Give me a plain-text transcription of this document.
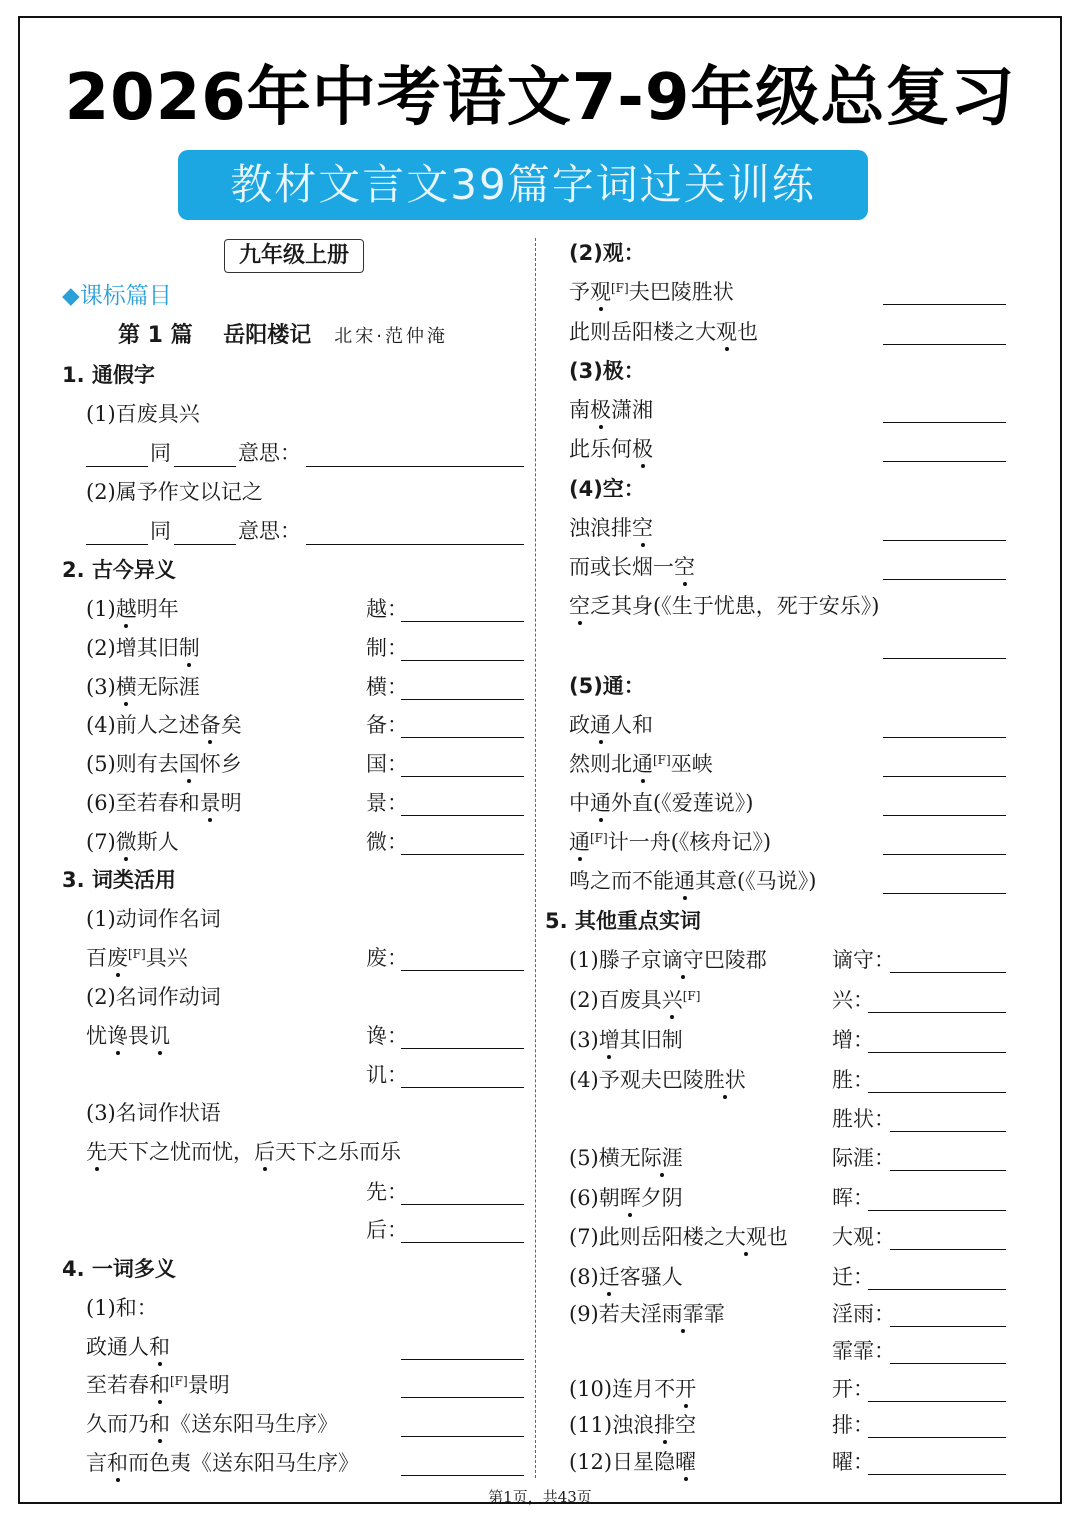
2026年中考语文7-9年级总复习
教材文言文39篇字词过关训练
九年级上册
◆课标篇目
第 1 篇 岳阳楼记 北宋·范仲淹
1. 通假字
(1)百废具兴
同	意思：
(2)属予作文以记之
同	意思：
2. 古今异义
(1)越明年	越：
(2)增其旧制	制：
(3)横无际涯	横：
(4)前人之述备矣	备：
(5)则有去国怀乡	国：
(6)至若春和景明	景：
(7)微斯人	微：
3. 词类活用
(1)动词作名词
百废[F]具兴	废：
(2)名词作动词
忧谗畏讥	谗：
讥：
(3)名词作状语
先天下之忧而忧，后天下之乐而乐
先：
后：
4. 一词多义
(1)和：
政通人和
至若春和[F]景明
久而乃和《送东阳马生序》
言和而色夷《送东阳马生序》
(2)观：
予观[F]夫巴陵胜状
此则岳阳楼之大观也
(3)极：
南极潇湘
此乐何极
(4)空：
浊浪排空
而或长烟一空
空乏其身(《生于忧患，死于安乐》)
(5)通：
政通人和
然则北通[F]巫峡
中通外直(《爱莲说》)
通[F]计一舟(《核舟记》)
鸣之而不能通其意(《马说》)
5. 其他重点实词
(1)滕子京谪守巴陵郡	谪守：
(2)百废具兴[F]	兴：
(3)增其旧制	增：
(4)予观夫巴陵胜状	胜：
胜状：
(5)横无际涯	际涯：
(6)朝晖夕阴	晖：
(7)此则岳阳楼之大观也 大观：
(8)迁客骚人	迁：
(9)若夫淫雨霏霏	淫雨：
霏霏：
(10)连月不开	开：
(11)浊浪排空	排：
(12)日星隐曜	曜：
第1页，共43页
